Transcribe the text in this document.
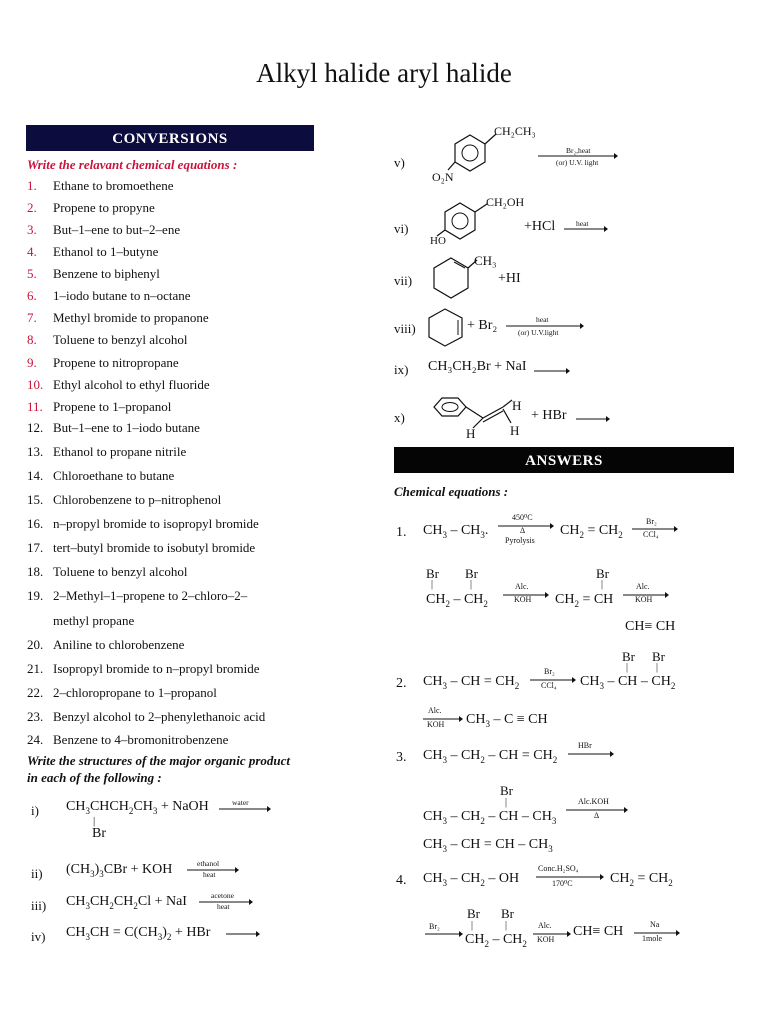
Alkyl halide aryl halide
CONVERSIONS
Write the relavant chemical equations :
1. Ethane to bromoethene
2. Propene to propyne
3. But–1–ene to but–2–ene
4. Ethanol to 1–butyne
5. Benzene to biphenyl
6. 1–iodo butane to n–octane
7. Methyl bromide to propanone
8. Toluene to benzyl alcohol
9. Propene to nitropropane
10. Ethyl alcohol to ethyl fluoride
11. Propene to 1–propanol
12. But–1–ene to 1–iodo butane
13. Ethanol to propane nitrile
14. Chloroethane to butane
15. Chlorobenzene to p–nitrophenol
16. n–propyl bromide to isopropyl bromide
17. tert–butyl bromide to isobutyl bromide
18. Toluene to benzyl alcohol
19. 2–Methyl–1–propene to 2–chloro–2–
methyl propane
20. Aniline to chlorobenzene
21. Isopropyl bromide to n–propyl bromide
22. 2–chloropropane to 1–propanol
23. Benzyl alcohol to 2–phenylethanoic acid
24. Benzene to 4–bromonitrobenzene
Write the structures of the major organic product
in each of the following :
i) $CH_3CHCH_2CH_3$ + NaOH	water
|
Br
ii) $(CH_3)_3CBr$ + KOH	ethanol
heat
iii) $CH_3CH_2CH_2Cl$ + NaI	acetone
heat
iv) $CH_3CH = C(CH_3)_2$ + HBr
v)
CH₂CH₃
O₂N
Br₂,heat
(or) U.V. light
vi)
CH₂OH
HO
+HCl	heat
vii)
CH₃
+HI
viii)	+ Br₂	heat
(or) U.V.light
ix) CH₃CH₂Br + NaI
x)
H
H	H
+ HBr
ANSWERS
Chemical equations :
1. $CH_3 - CH_3$.
450⁰C
Δ
Pyrolysis
$CH_2 = CH_2$
Br₂
CCl₄
Br Br
|	|
$CH_2 - CH_2$
Alc.
KOH
Br
|
$CH_2$ = CH
Alc.
KOH
CH≡ CH
Br Br
|	|
2. $CH_3$ – CH = $CH_2$
Br₂
CCl₄ $CH_3$ – CH – $CH_2$
Alc.
KOH $CH_3$ – C ≡ CH
3. $CH_3 - CH_2$ – CH = $CH_2$
HBr
Br
|
$CH_3 - CH_2$ – CH – $CH_3$
Alc.KOH
Δ
$CH_3$ – CH = CH – $CH_3$
4. $CH_3 - CH_2$ – OH
Conc.H₂SO₄
170⁰C	$CH_2 = CH_2$
Br₂
Br Br
|	|
$CH_2 - CH_2$
Alc.
KOH
CH≡ CH	Na
1mole
